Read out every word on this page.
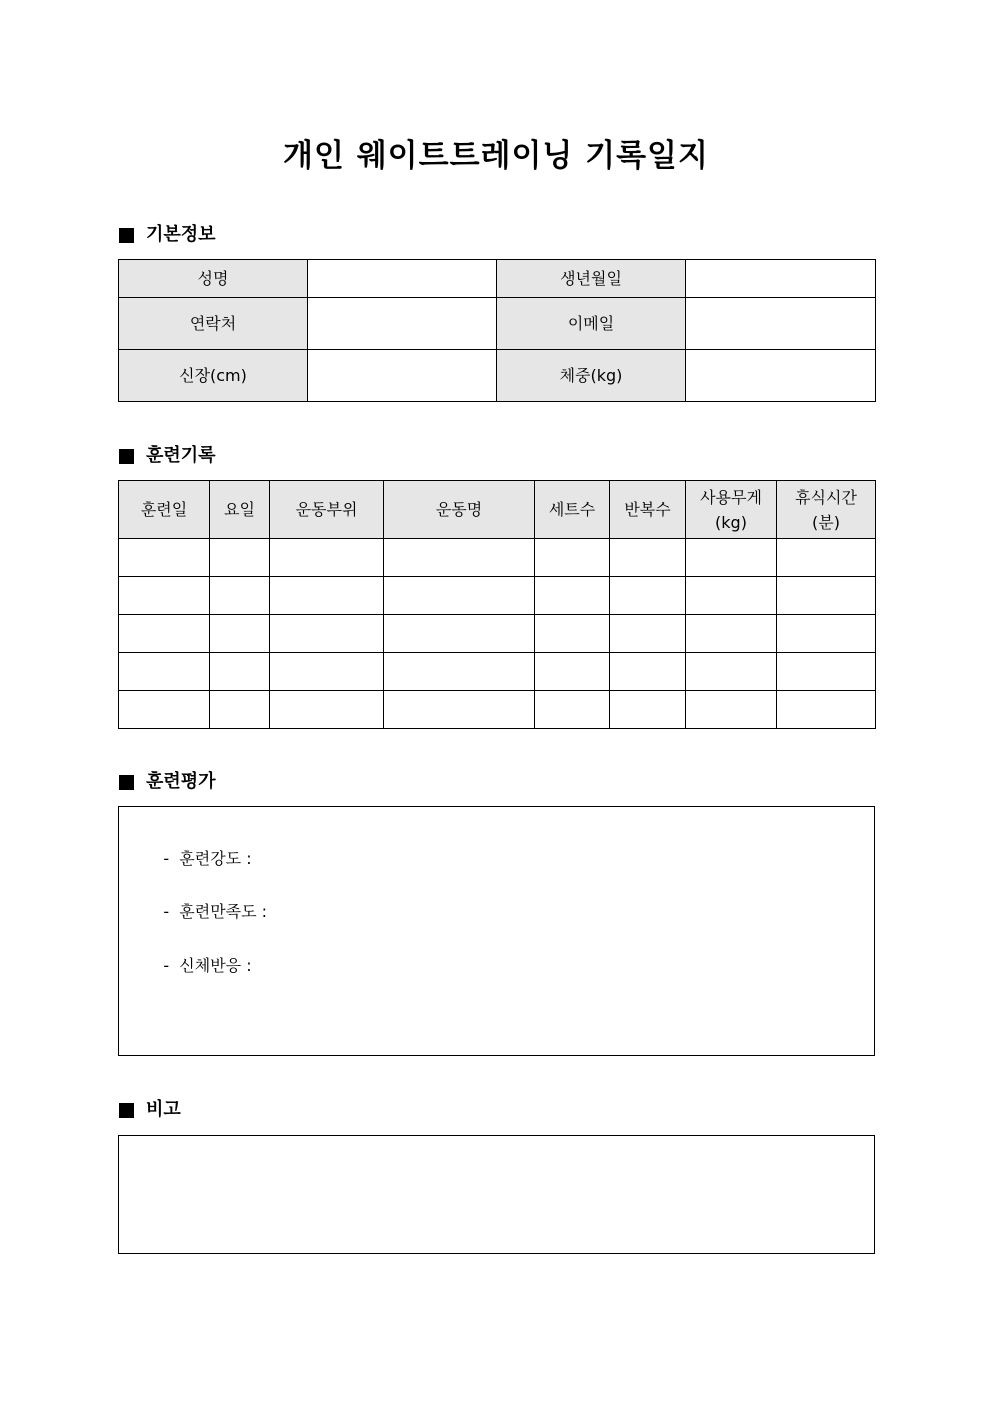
개인 웨이트트레이닝 기록일지
기본정보
성명		생년월일	
연락처		이메일	
신장(cm)		체중(kg)	
훈련기록
훈련일	요일	운동부위	운동명	세트수	반복수	사용무게(kg)	휴식시간(분)

훈련평가

-  훈련강도 :

-  훈련만족도 :

-  신체반응 :

비고
